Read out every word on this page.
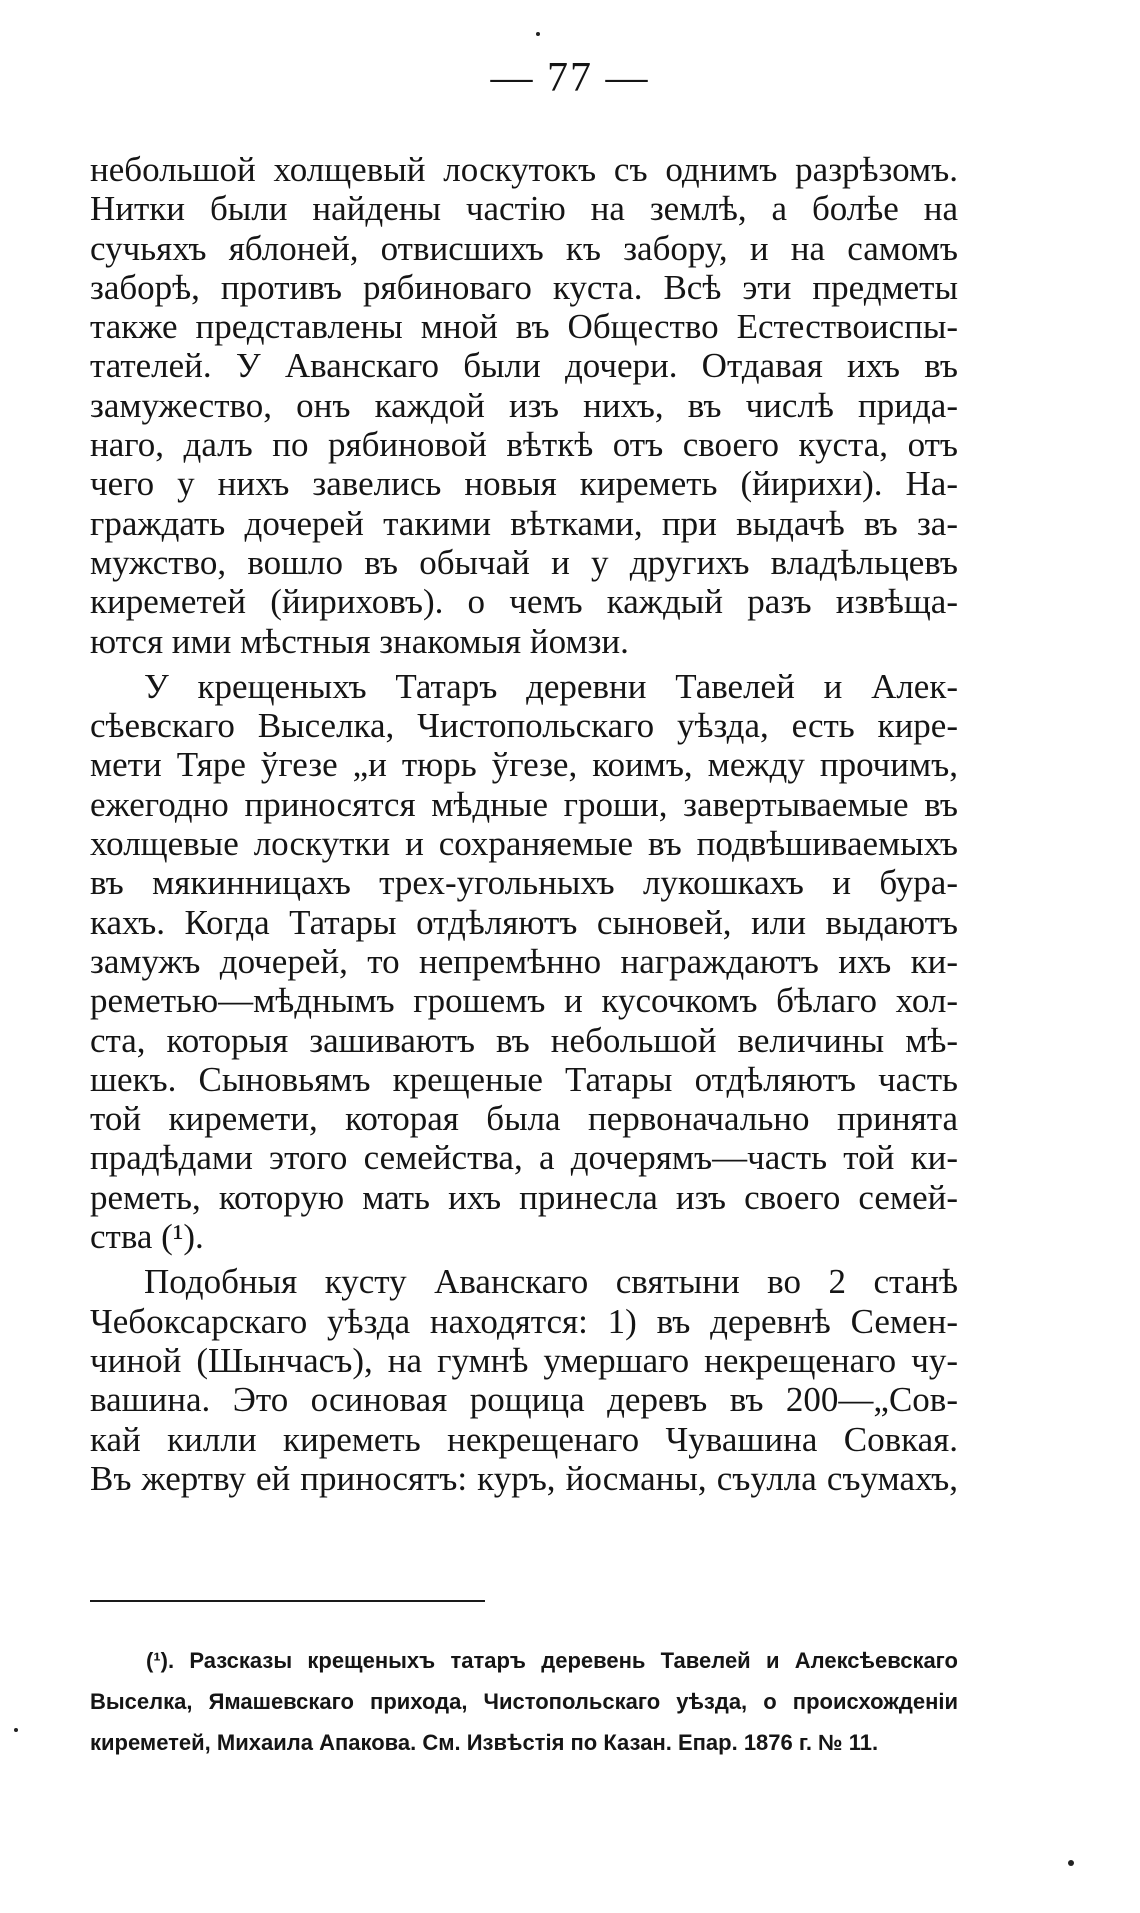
— 77 —
небольшой холщевый лоскутокъ съ однимъ разрѣзомъ.
Нитки были найдены частію на землѣ, а болѣе на
сучьяхъ яблоней, отвисшихъ къ забору, и на самомъ
заборѣ, противъ рябиноваго куста. Всѣ эти предметы
также представлены мной въ Общество Естествоиспы-
тателей. У Аванскаго были дочери. Отдавая ихъ въ
замужество, онъ каждой изъ нихъ, въ числѣ прида-
наго, далъ по рябиновой вѣткѣ отъ своего куста, отъ
чего у нихъ завелись новыя киреметь (йирихи). На-
граждать дочерей такими вѣтками, при выдачѣ въ за-
мужство, вошло въ обычай и у другихъ владѣльцевъ
киреметей (йириховъ). о чемъ каждый разъ извѣща-
ются ими мѣстныя знакомыя йомзи.
У крещеныхъ Татаръ деревни Тавелей и Алек-
сѣевскаго Выселка, Чистопольскаго уѣзда, есть кире-
мети Тяре ўгезе „и тюрь ўгезе, коимъ, между прочимъ,
ежегодно приносятся мѣдные гроши, завертываемые въ
холщевые лоскутки и сохраняемые въ подвѣшиваемыхъ
въ мякинницахъ трех-угольныхъ лукошкахъ и бура-
кахъ. Когда Татары отдѣляютъ сыновей, или выдаютъ
замужъ дочерей, то непремѣнно награждаютъ ихъ ки-
реметью—мѣднымъ грошемъ и кусочкомъ бѣлаго хол-
ста, которыя зашиваютъ въ небольшой величины мѣ-
шекъ. Сыновьямъ крещеные Татары отдѣляютъ часть
той кирeмети, которая была первоначально принята
прадѣдами этого семейства, а дочерямъ—часть той ки-
реметь, которую мать ихъ принесла изъ своего семей-
ства (¹).
Подобныя кусту Аванскаго святыни во 2 станѣ
Чебоксарскаго уѣзда находятся: 1) въ деревнѣ Семен-
чиной (Шынчасъ), на гумнѣ умершаго некрещенаго чу-
вашина. Это осиновая рощица деревъ въ 200—„Сов-
кай килли киреметь некрещенаго Чувашина Совкая.
Въ жертву ей приносятъ: куръ, йосманы, съулла съумахъ,
(¹). Разсказы крещеныхъ татаръ деревень Тавелей и Алексѣевскаго
Выселка, Ямашевскаго прихода, Чистопольскаго уѣзда, о происхожденіи
киреметей, Михаила Апакова. См. Извѣстія по Казан. Епар. 1876 г. № 11.
